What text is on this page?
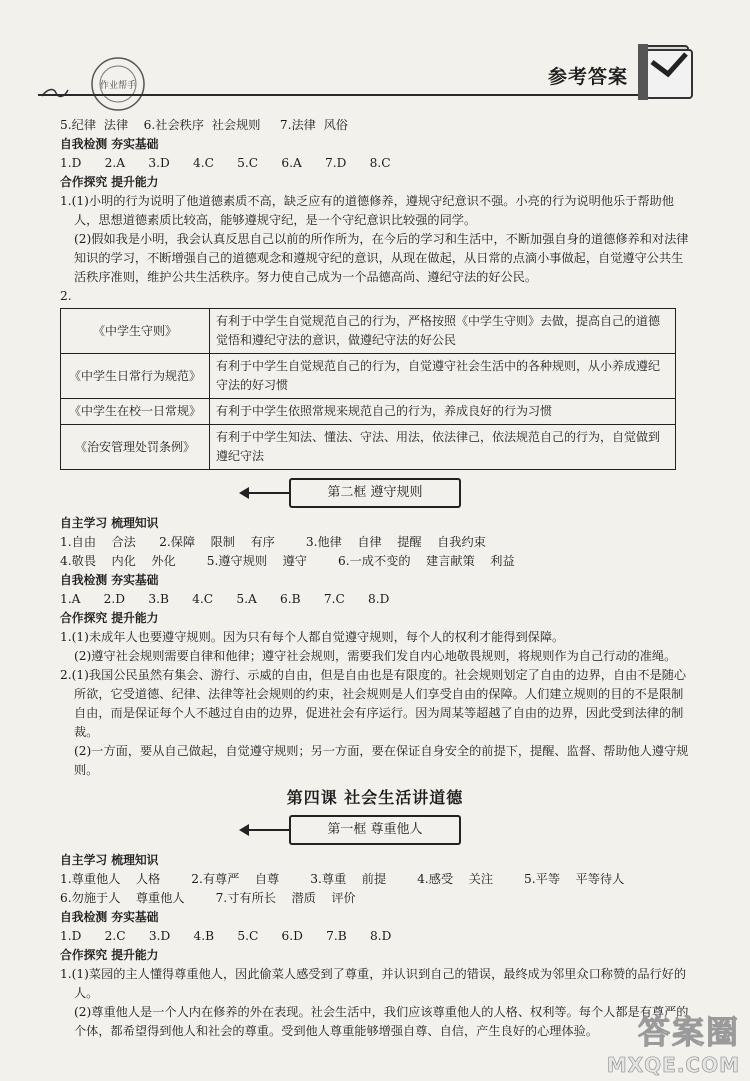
作业帮手	参考答案
5.纪律  法律    6.社会秩序  社会规则     7.法律  风俗
自我检测 夯实基础
1.D      2.A      3.D      4.C      5.C      6.A      7.D      8.C
合作探究 提升能力
1.(1)小明的行为说明了他道德素质不高，缺乏应有的道德修养，遵规守纪意识不强。小亮的行为说明他乐于帮助他人，思想道德素质比较高，能够遵规守纪，是一个守纪意识比较强的同学。
(2)假如我是小明，我会认真反思自己以前的所作所为，在今后的学习和生活中，不断加强自身的道德修养和对法律知识的学习，不断增强自己的道德观念和遵规守纪的意识，从现在做起，从日常的点滴小事做起，自觉遵守公共生活秩序准则，维护公共生活秩序。努力使自己成为一个品德高尚、遵纪守法的好公民。
2.
《中学生守则》	有利于中学生自觉规范自己的行为，严格按照《中学生守则》去做，提高自己的道德觉悟和遵纪守法的意识，做遵纪守法的好公民
《中学生日常行为规范》	有利于中学生自觉规范自己的行为，自觉遵守社会生活中的各种规则，从小养成遵纪守法的好习惯
《中学生在校一日常规》	有利于中学生依照常规来规范自己的行为，养成良好的行为习惯
《治安管理处罚条例》	有利于中学生知法、懂法、守法、用法，依法律己，依法规范自己的行为，自觉做到遵纪守法
第二框 遵守规则
自主学习 梳理知识
1.自由    合法      2.保障    限制    有序        3.他律    自律    提醒    自我约束
4.敬畏    内化    外化        5.遵守规则    遵守        6.一成不变的    建言献策    利益
自我检测 夯实基础
1.A      2.D      3.B      4.C      5.A      6.B      7.C      8.D
合作探究 提升能力
1.(1)未成年人也要遵守规则。因为只有每个人都自觉遵守规则，每个人的权利才能得到保障。
(2)遵守社会规则需要自律和他律；遵守社会规则，需要我们发自内心地敬畏规则，将规则作为自己行动的准绳。
2.(1)我国公民虽然有集会、游行、示威的自由，但是自由也是有限度的。社会规则划定了自由的边界，自由不是随心所欲，它受道德、纪律、法律等社会规则的约束，社会规则是人们享受自由的保障。人们建立规则的目的不是限制自由，而是保证每个人不越过自由的边界，促进社会有序运行。因为周某等超越了自由的边界，因此受到法律的制裁。
(2)一方面，要从自己做起，自觉遵守规则；另一方面，要在保证自身安全的前提下，提醒、监督、帮助他人遵守规则。
第四课 社会生活讲道德
第一框 尊重他人
自主学习 梳理知识
1.尊重他人    人格        2.有尊严    自尊        3.尊重    前提        4.感受    关注        5.平等    平等待人
6.勿施于人    尊重他人        7.寸有所长    潜质    评价
自我检测 夯实基础
1.D      2.C      3.D      4.B      5.C      6.D      7.B      8.D
合作探究 提升能力
1.(1)菜园的主人懂得尊重他人，因此偷菜人感受到了尊重，并认识到自己的错误，最终成为邻里众口称赞的品行好的人。
(2)尊重他人是一个人内在修养的外在表现。社会生活中，我们应该尊重他人的人格、权利等。每个人都是有尊严的个体，都希望得到他人和社会的尊重。受到他人尊重能够增强自尊、自信，产生良好的心理体验。	答案圈
MXQE.COM
